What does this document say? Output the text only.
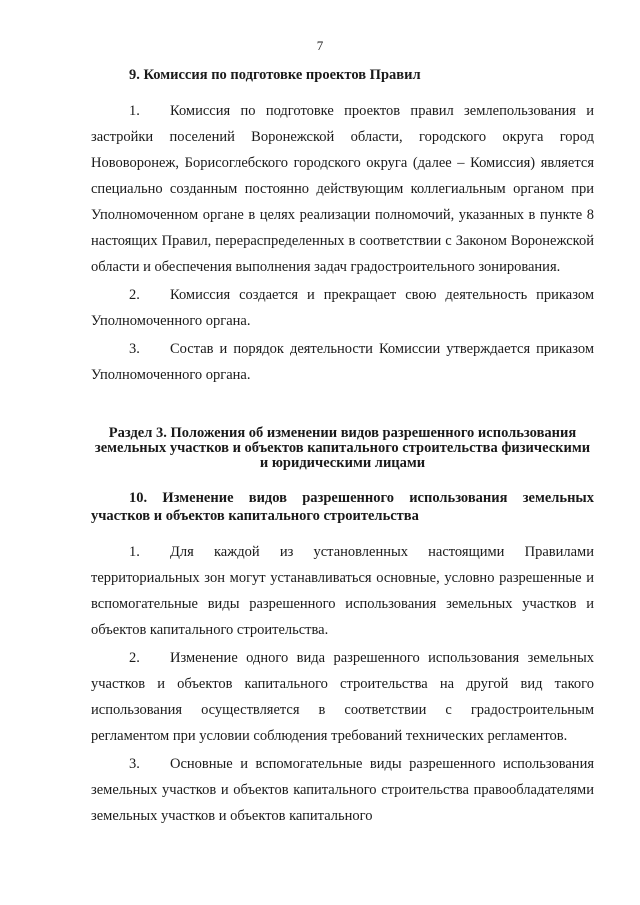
7
9. Комиссия по подготовке проектов Правил

1. Комиссия по подготовке проектов правил землепользования и застройки поселений Воронежской области, городского округа город Нововоронеж, Борисоглебского городского округа (далее – Комиссия) является специально созданным постоянно действующим коллегиальным органом при Уполномоченном органе в целях реализации полномочий, указанных в пункте 8 настоящих Правил, перераспределенных в соответствии с Законом Воронежской области и обеспечения выполнения задач градостроительного зонирования.

2. Комиссия создается и прекращает свою деятельность приказом Уполномоченного органа.

3. Состав и порядок деятельности Комиссии утверждается приказом Уполномоченного органа.

Раздел 3. Положения об изменении видов разрешенного использования земельных участков и объектов капитального строительства физическими и юридическими лицами
10. Изменение видов разрешенного использования земельных участков и объектов капитального строительства

1. Для каждой из установленных настоящими Правилами территориальных зон могут устанавливаться основные, условно разрешенные и вспомогательные виды разрешенного использования земельных участков и объектов капитального строительства.

2. Изменение одного вида разрешенного использования земельных участков и объектов капитального строительства на другой вид такого использования осуществляется в соответствии с градостроительным регламентом при условии соблюдения требований технических регламентов.

3. Основные и вспомогательные виды разрешенного использования земельных участков и объектов капитального строительства правообладателями земельных участков и объектов капитального
